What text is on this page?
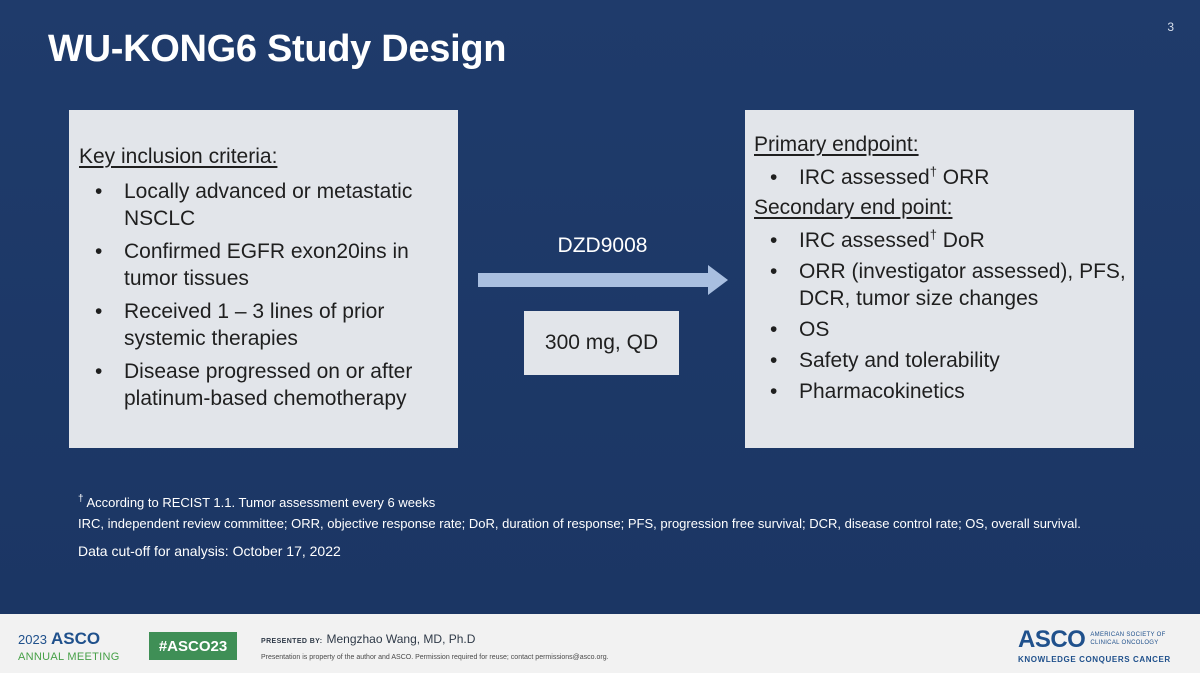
3
WU-KONG6 Study Design
Key inclusion criteria:
• Locally advanced or metastatic NSCLC
• Confirmed EGFR exon20ins in tumor tissues
• Received 1 – 3 lines of prior systemic therapies
• Disease progressed on or after platinum-based chemotherapy
DZD9008
300 mg, QD
Primary endpoint:
• IRC assessed† ORR
Secondary end point:
• IRC assessed† DoR
• ORR (investigator assessed), PFS, DCR, tumor size changes
• OS
• Safety and tolerability
• Pharmacokinetics
† According to RECIST 1.1. Tumor assessment every 6 weeks
IRC, independent review committee; ORR, objective response rate; DoR, duration of response; PFS, progression free survival; DCR, disease control rate; OS, overall survival.
Data cut-off for analysis: October 17, 2022
2023 ASCO
ANNUAL MEETING
#ASCO23	PRESENTED BY: Mengzhao Wang, MD, Ph.D
Presentation is property of the author and ASCO. Permission required for reuse; contact permissions@asco.org.
ASCO AMERICAN SOCIETY OF
CLINICAL ONCOLOGY
KNOWLEDGE CONQUERS CANCER
